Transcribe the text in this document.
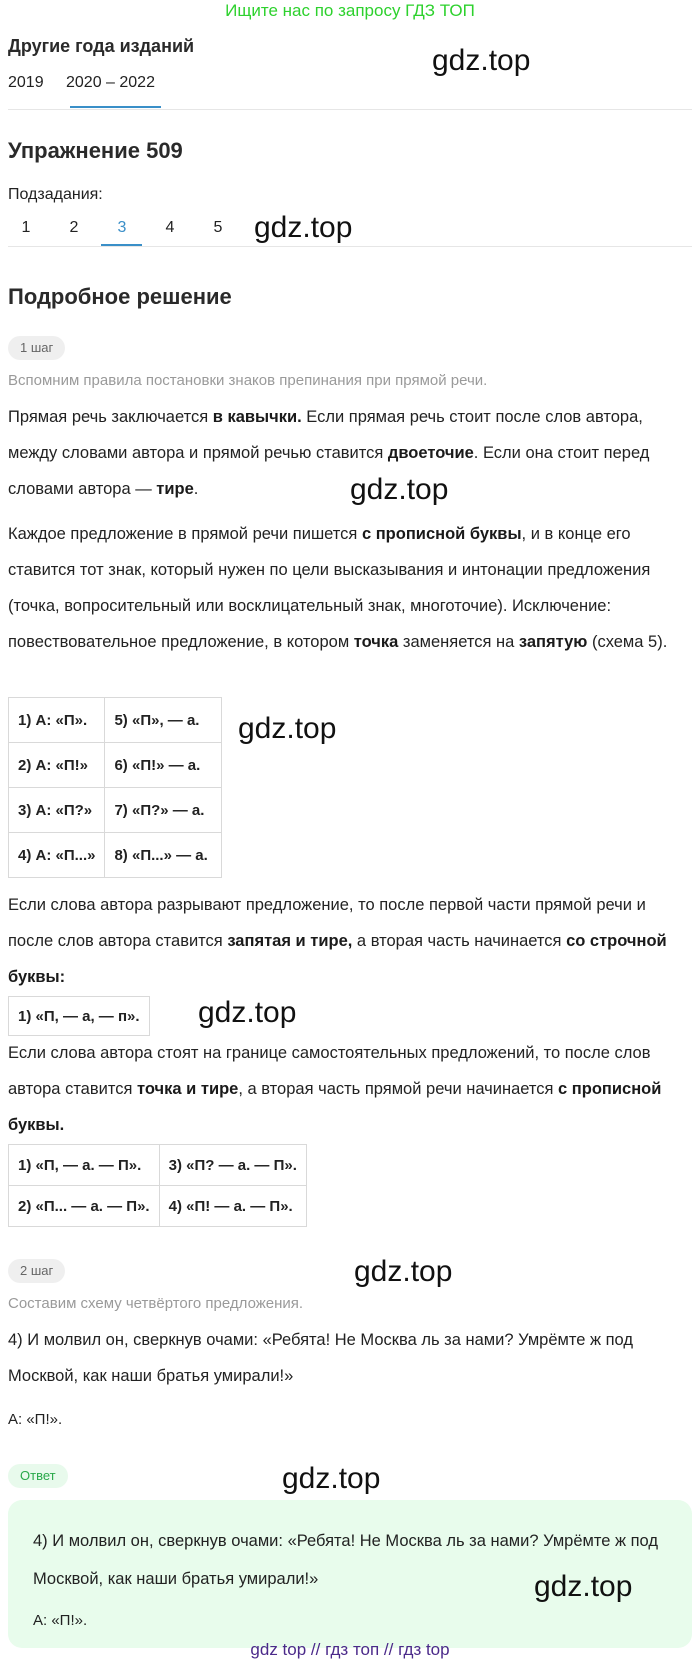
Ищите нас по запросу ГДЗ ТОП
Другие года изданий
2019 2020 – 2022
Упражнение 509
Подзадания:
1	2	3	4	5
Подробное решение
1 шаг
Вспомним правила постановки знаков препинания при прямой речи.
Прямая речь заключается в кавычки. Если прямая речь стоит после слов автора, между словами автора и прямой речью ставится двоеточие. Если она стоит перед словами автора — тире.
Каждое предложение в прямой речи пишется с прописной буквы, и в конце его ставится тот знак, который нужен по цели высказывания и интонации предложения (точка, вопросительный или восклицательный знак, многоточие). Исключение: повествовательное предложение, в котором точка заменяется на запятую (схема 5).
1) А: «П».	5) «П», — а.
2) А: «П!»	6) «П!» — а.
3) А: «П?»	7) «П?» — а.
4) А: «П...»	8) «П...» — а.
Если слова автора разрывают предложение, то после первой части прямой речи и после слов автора ставится запятая и тире, а вторая часть начинается со строчной буквы:
1) «П, — а, — п».
Если слова автора стоят на границе самостоятельных предложений, то после слов автора ставится точка и тире, а вторая часть прямой речи начинается с прописной буквы.
1) «П, — а. — П».	3) «П? — а. — П».
2) «П... — а. — П».	4) «П! — а. — П».
2 шаг
Составим схему четвёртого предложения.
4) И молвил он, сверкнув очами: «Ребята! Не Москва ль за нами? Умрёмте ж под Москвой, как наши братья умирали!»
А: «П!».
Ответ
4) И молвил он, сверкнув очами: «Ребята! Не Москва ль за нами? Умрёмте ж под Москвой, как наши братья умирали!»
А: «П!».
gdz.top
gdz.top
gdz.top
gdz.top
gdz.top
gdz.top
gdz.top
gdz.top
gdz top // гдз топ // гдз top
